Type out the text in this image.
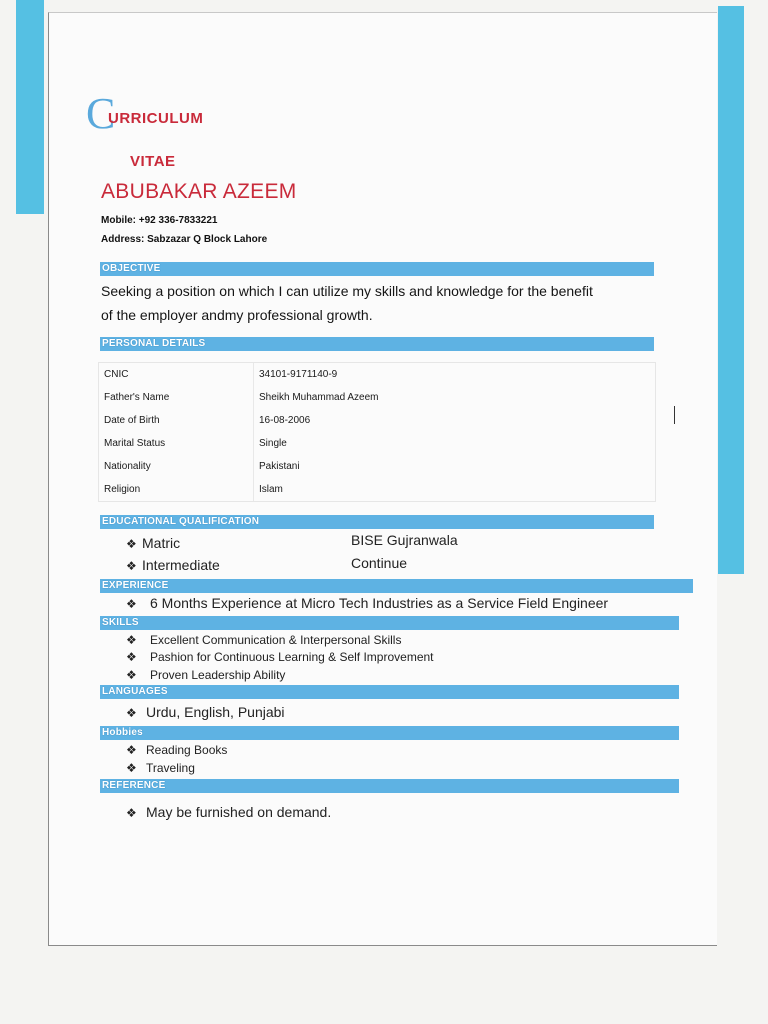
C
URRICULUM
VITAE
ABUBAKAR AZEEM
Mobile: +92 336-7833221
Address: Sabzazar Q Block Lahore
OBJECTIVE
Seeking a position on which I can utilize my skills and knowledge for the benefit
of the employer andmy professional growth.
PERSONAL DETAILS
CNIC	34101-9171140-9
Father's Name	Sheikh Muhammad Azeem
Date of Birth	16-08-2006
Marital Status	Single
Nationality	Pakistani
Religion	Islam
EDUCATIONAL QUALIFICATION
❖ Matric	BISE Gujranwala
❖ Intermediate	Continue
EXPERIENCE
❖ 6 Months Experience at Micro Tech Industries as a Service Field Engineer
SKILLS
❖ Excellent Communication & Interpersonal Skills
❖ Pashion for Continuous Learning & Self Improvement
❖ Proven Leadership Ability
LANGUAGES
❖ Urdu, English, Punjabi
Hobbies
❖ Reading Books
❖ Traveling
REFERENCE
❖ May be furnished on demand.
